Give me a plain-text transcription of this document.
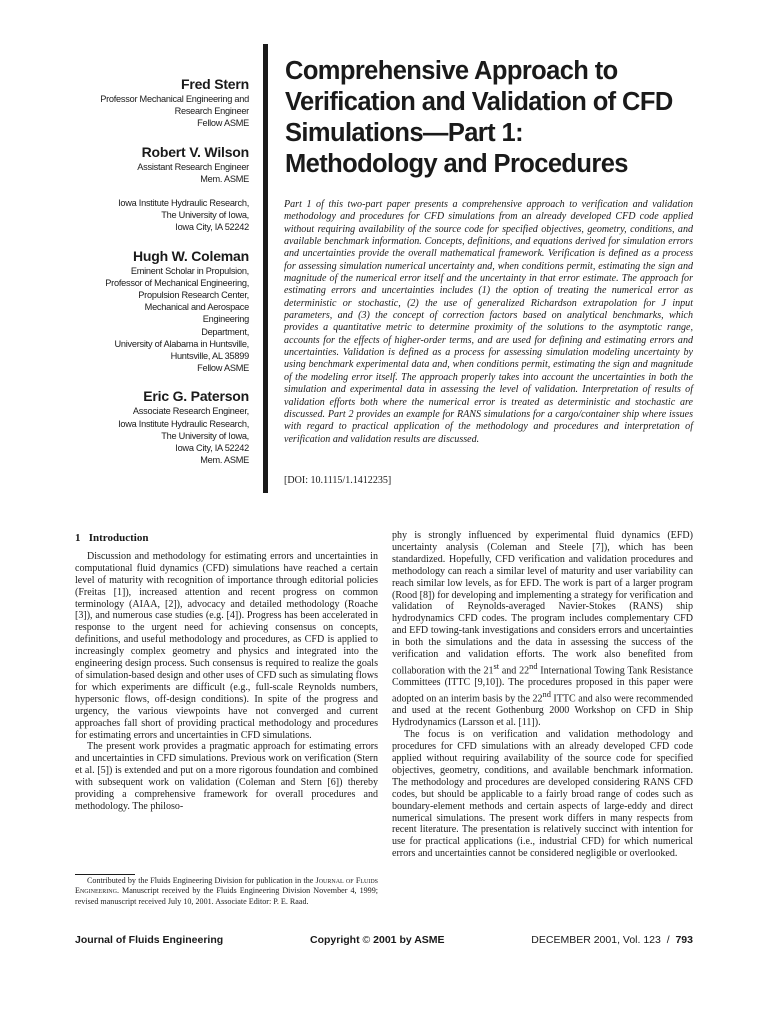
Fred Stern
Professor Mechanical Engineering and
Research Engineer
Fellow ASME
Robert V. Wilson
Assistant Research Engineer
Mem. ASME
Iowa Institute Hydraulic Research,
The University of Iowa,
Iowa City, IA 52242
Hugh W. Coleman
Eminent Scholar in Propulsion,
Professor of Mechanical Engineering,
Propulsion Research Center,
Mechanical and Aerospace Engineering
Department,
University of Alabama in Huntsville,
Huntsville, AL 35899
Fellow ASME
Eric G. Paterson
Associate Research Engineer,
Iowa Institute Hydraulic Research,
The University of Iowa,
Iowa City, IA 52242
Mem. ASME
Comprehensive Approach to
Verification and Validation of CFD
Simulations—Part 1:
Methodology and Procedures
Part 1 of this two-part paper presents a comprehensive approach to verification and validation methodology and procedures for CFD simulations from an already developed CFD code applied without requiring availability of the source code for specified objectives, geometry, conditions, and available benchmark information. Concepts, definitions, and equations derived for simulation errors and uncertainties provide the overall mathematical framework. Verification is defined as a process for assessing simulation numerical uncertainty and, when conditions permit, estimating the sign and magnitude of the numerical error itself and the uncertainty in that error estimate. The approach for estimating errors and uncertainties includes (1) the option of treating the numerical error as deterministic or stochastic, (2) the use of generalized Richardson extrapolation for J input parameters, and (3) the concept of correction factors based on analytical benchmarks, which provides a quantitative metric to determine proximity of the solutions to the asymptotic range, accounts for the effects of higher-order terms, and are used for defining and estimating errors and uncertainties. Validation is defined as a process for assessing simulation modeling uncertainty by using benchmark experimental data and, when conditions permit, estimating the sign and magnitude of the modeling error itself. The approach properly takes into account the uncertainties in both the simulation and experimental data in assessing the level of validation. Interpretation of results of validation efforts both where the numerical error is treated as deterministic and stochastic are discussed. Part 2 provides an example for RANS simulations for a cargo/container ship where issues with regard to practical application of the methodology and procedures and interpretation of verification and validation results are discussed.
[DOI: 10.1115/1.1412235]
1 Introduction

Discussion and methodology for estimating errors and uncertainties in computational fluid dynamics (CFD) simulations have reached a certain level of maturity with recognition of importance through editorial policies (Freitas [1]), increased attention and recent progress on common terminology (AIAA, [2]), advocacy and detailed methodology (Roache [3]), and numerous case studies (e.g. [4]). Progress has been accelerated in response to the urgent need for achieving consensus on concepts, definitions, and useful methodology and procedures, as CFD is applied to increasingly complex geometry and physics and integrated into the engineering design process. Such consensus is required to realize the goals of simulation-based design and other uses of CFD such as simulating flows for which experiments are difficult (e.g., full-scale Reynolds numbers, hypersonic flows, off-design conditions). In spite of the progress and urgency, the various viewpoints have not converged and current approaches fall short of providing practical methodology and procedures for estimating errors and uncertainties in CFD simulations.

The present work provides a pragmatic approach for estimating errors and uncertainties in CFD simulations. Previous work on verification (Stern et al. [5]) is extended and put on a more rigorous foundation and combined with subsequent work on validation (Coleman and Stern [6]) thereby providing a comprehensive framework for overall procedures and methodology. The philoso-

phy is strongly influenced by experimental fluid dynamics (EFD) uncertainty analysis (Coleman and Steele [7]), which has been standardized. Hopefully, CFD verification and validation procedures and methodology can reach a similar level of maturity and user variability can reach similar low levels, as for EFD. The work is part of a larger program (Rood [8]) for developing and implementing a strategy for verification and validation of Reynolds-averaged Navier-Stokes (RANS) ship hydrodynamics CFD codes. The program includes complementary CFD and EFD towing-tank investigations and considers errors and uncertainties in both the simulations and the data in assessing the success of the verification and validation efforts. The work also benefited from collaboration with the 21st and 22nd International Towing Tank Resistance Committees (ITTC [9,10]). The procedures proposed in this paper were adopted on an interim basis by the 22nd ITTC and also were recommended and used at the recent Gothenburg 2000 Workshop on CFD in Ship Hydrodynamics (Larsson et al. [11]).

The focus is on verification and validation methodology and procedures for CFD simulations with an already developed CFD code applied without requiring availability of the source code for specified objectives, geometry, conditions, and available benchmark information. The methodology and procedures are developed considering RANS CFD codes, but should be applicable to a fairly broad range of codes such as boundary-element methods and certain aspects of large-eddy and direct numerical simulations. The present work differs in many respects from recent literature. The presentation is relatively succinct with intention for use for practical applications (i.e., industrial CFD) for which numerical errors and uncertainties cannot be considered negligible or overlooked.

Contributed by the Fluids Engineering Division for publication in the Journal of Fluids Engineering. Manuscript received by the Fluids Engineering Division November 4, 1999; revised manuscript received July 10, 2001. Associate Editor: P. E. Raad.
Journal of Fluids Engineering	Copyright © 2001 by ASME	DECEMBER 2001, Vol. 123 / 793
